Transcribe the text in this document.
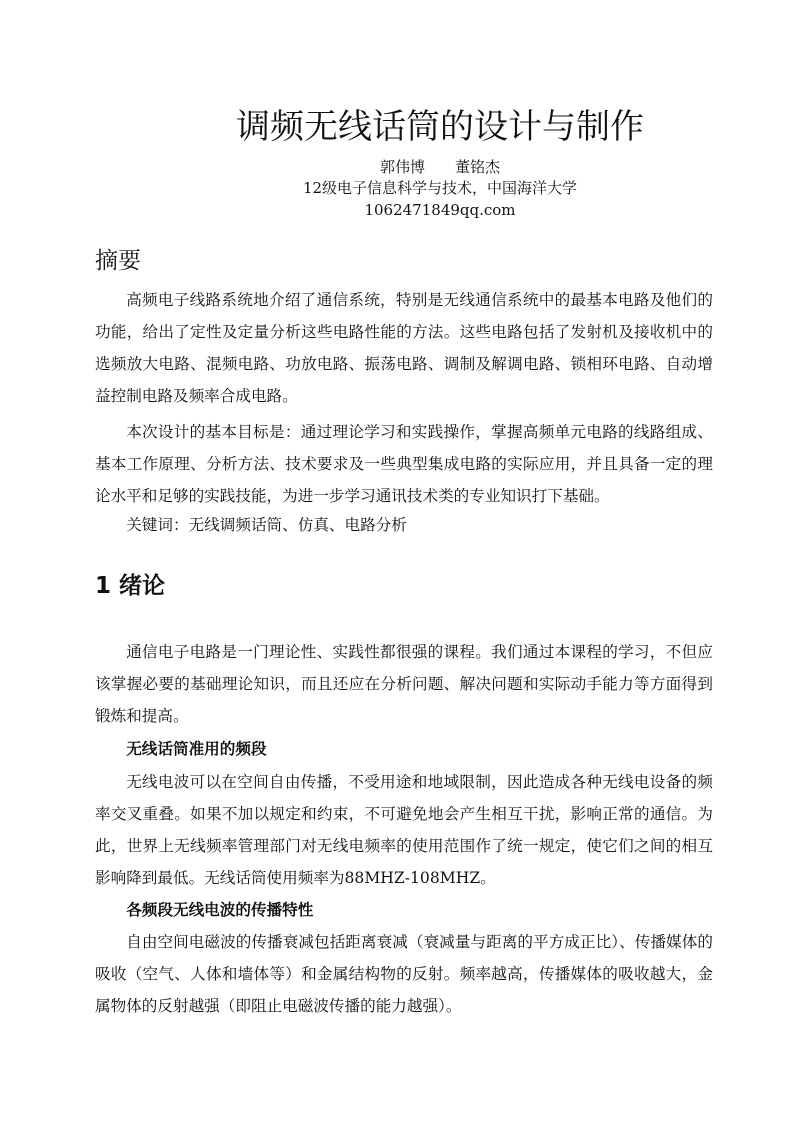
调频无线话筒的设计与制作
郭伟博　　董铭杰
12级电子信息科学与技术，中国海洋大学
1062471849qq.com
摘要
高频电子线路系统地介绍了通信系统，特别是无线通信系统中的最基本电路及他们的功能，给出了定性及定量分析这些电路性能的方法。这些电路包括了发射机及接收机中的选频放大电路、混频电路、功放电路、振荡电路、调制及解调电路、锁相环电路、自动增益控制电路及频率合成电路。
本次设计的基本目标是：通过理论学习和实践操作，掌握高频单元电路的线路组成、基本工作原理、分析方法、技术要求及一些典型集成电路的实际应用，并且具备一定的理论水平和足够的实践技能，为进一步学习通讯技术类的专业知识打下基础。
关键词：无线调频话筒、仿真、电路分析
1 绪论
通信电子电路是一门理论性、实践性都很强的课程。我们通过本课程的学习，不但应该掌握必要的基础理论知识，而且还应在分析问题、解决问题和实际动手能力等方面得到锻炼和提高。
无线话筒准用的频段
无线电波可以在空间自由传播，不受用途和地域限制，因此造成各种无线电设备的频率交叉重叠。如果不加以规定和约束，不可避免地会产生相互干扰，影响正常的通信。为此，世界上无线频率管理部门对无线电频率的使用范围作了统一规定，使它们之间的相互影响降到最低。无线话筒使用频率为88MHZ-108MHZ。
各频段无线电波的传播特性
自由空间电磁波的传播衰减包括距离衰减（衰减量与距离的平方成正比）、传播媒体的吸收（空气、人体和墙体等）和金属结构物的反射。频率越高，传播媒体的吸收越大，金属物体的反射越强（即阻止电磁波传播的能力越强）。
